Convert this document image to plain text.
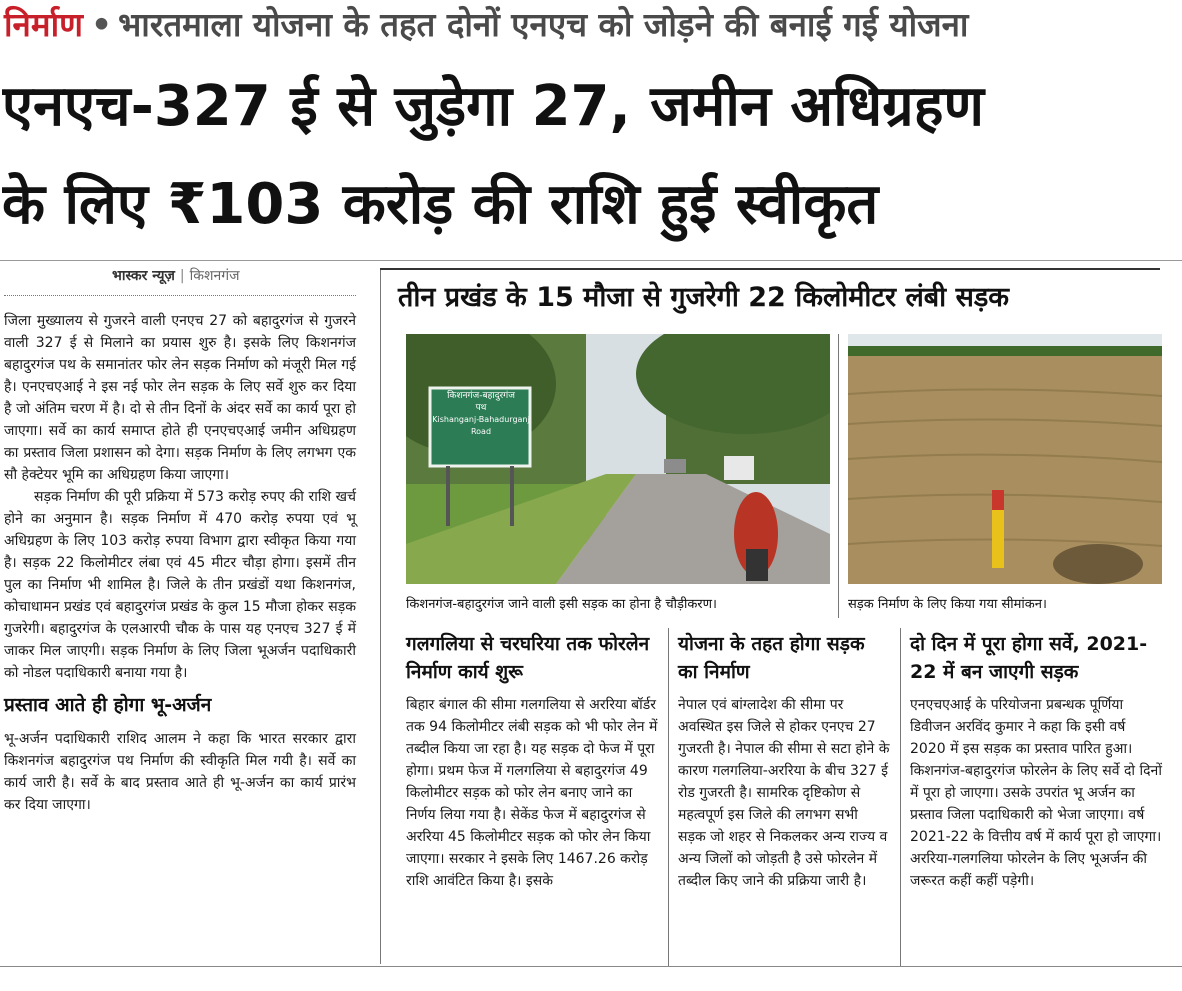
निर्माण • भारतमाला योजना के तहत दोनों एनएच को जोड़ने की बनाई गई योजना
एनएच-327 ई से जुड़ेगा 27, जमीन अधिग्रहण
के लिए ₹103 करोड़ की राशि हुई स्वीकृत
भास्कर न्यूज़ | किशनगंज

जिला मुख्यालय से गुजरने वाली एनएच 27 को बहादुरगंज से गुजरने वाली 327 ई से मिलाने का प्रयास शुरु है। इसके लिए किशनगंज बहादुरगंज पथ के समानांतर फोर लेन सड़क निर्माण को मंजूरी मिल गई है। एनएचएआई ने इस नई फोर लेन सड़क के लिए सर्वे शुरु कर दिया है जो अंतिम चरण में है। दो से तीन दिनों के अंदर सर्वे का कार्य पूरा हो जाएगा। सर्वे का कार्य समाप्त होते ही एनएचएआई जमीन अधिग्रहण का प्रस्ताव जिला प्रशासन को देगा। सड़क निर्माण के लिए लगभग एक सौ हेक्टेयर भूमि का अधिग्रहण किया जाएगा।

सड़क निर्माण की पूरी प्रक्रिया में 573 करोड़ रुपए की राशि खर्च होने का अनुमान है। सड़क निर्माण में 470 करोड़ रुपया एवं भू अधिग्रहण के लिए 103 करोड़ रुपया विभाग द्वारा स्वीकृत किया गया है। सड़क 22 किलोमीटर लंबा एवं 45 मीटर चौड़ा होगा। इसमें तीन पुल का निर्माण भी शामिल है। जिले के तीन प्रखंडों यथा किशनगंज, कोचाधामन प्रखंड एवं बहादुरगंज प्रखंड के कुल 15 मौजा होकर सड़क गुजरेगी। बहादुरगंज के एलआरपी चौक के पास यह एनएच 327 ई में जाकर मिल जाएगी। सड़क निर्माण के लिए जिला भूअर्जन पदाधिकारी को नोडल पदाधिकारी बनाया गया है।

प्रस्ताव आते ही होगा भू-अर्जन

भू-अर्जन पदाधिकारी राशिद आलम ने कहा कि भारत सरकार द्वारा किशनगंज बहादुरगंज पथ निर्माण की स्वीकृति मिल गयी है। सर्वे का कार्य जारी है। सर्वे के बाद प्रस्ताव आते ही भू-अर्जन का कार्य प्रारंभ कर दिया जाएगा।

तीन प्रखंड के 15 मौजा से गुजरेगी 22 किलोमीटर लंबी सड़क
किशनगंज-बहादुरगंज
पथ
Kishanganj-Bahadurganj
Road
किशनगंज-बहादुरगंज जाने वाली इसी सड़क का होना है चौड़ीकरण।	सड़क निर्माण के लिए किया गया सीमांकन।
गलगलिया से चरघरिया तक फोरलेन निर्माण कार्य शुरू

बिहार बंगाल की सीमा गलगलिया से अररिया बॉर्डर तक 94 किलोमीटर लंबी सड़क को भी फोर लेन में तब्दील किया जा रहा है। यह सड़क दो फेज में पूरा होगा। प्रथम फेज में गलगलिया से बहादुरगंज 49 किलोमीटर सड़क को फोर लेन बनाए जाने का निर्णय लिया गया है। सेकेंड फेज में बहादुरगंज से अररिया 45 किलोमीटर सड़क को फोर लेन किया जाएगा। सरकार ने इसके लिए 1467.26 करोड़ राशि आवंटित किया है। इसके

योजना के तहत होगा सड़क का निर्माण

नेपाल एवं बांग्लादेश की सीमा पर अवस्थित इस जिले से होकर एनएच 27 गुजरती है। नेपाल की सीमा से सटा होने के कारण गलगलिया-अररिया के बीच 327 ई रोड गुजरती है। सामरिक दृष्टिकोण से महत्वपूर्ण इस जिले की लगभग सभी सड़क जो शहर से निकलकर अन्य राज्य व अन्य जिलों को जोड़ती है उसे फोरलेन में तब्दील किए जाने की प्रक्रिया जारी है।

दो दिन में पूरा होगा सर्वे, 2021-22 में बन जाएगी सड़क

एनएचएआई के परियोजना प्रबन्धक पूर्णिया डिवीजन अरविंद कुमार ने कहा कि इसी वर्ष 2020 में इस सड़क का प्रस्ताव पारित हुआ। किशनगंज-बहादुरगंज फोरलेन के लिए सर्वे दो दिनों में पूरा हो जाएगा। उसके उपरांत भू अर्जन का प्रस्ताव जिला पदाधिकारी को भेजा जाएगा। वर्ष 2021-22 के वित्तीय वर्ष में कार्य पूरा हो जाएगा। अररिया-गलगलिया फोरलेन के लिए भूअर्जन की जरूरत कहीं कहीं पड़ेगी।
